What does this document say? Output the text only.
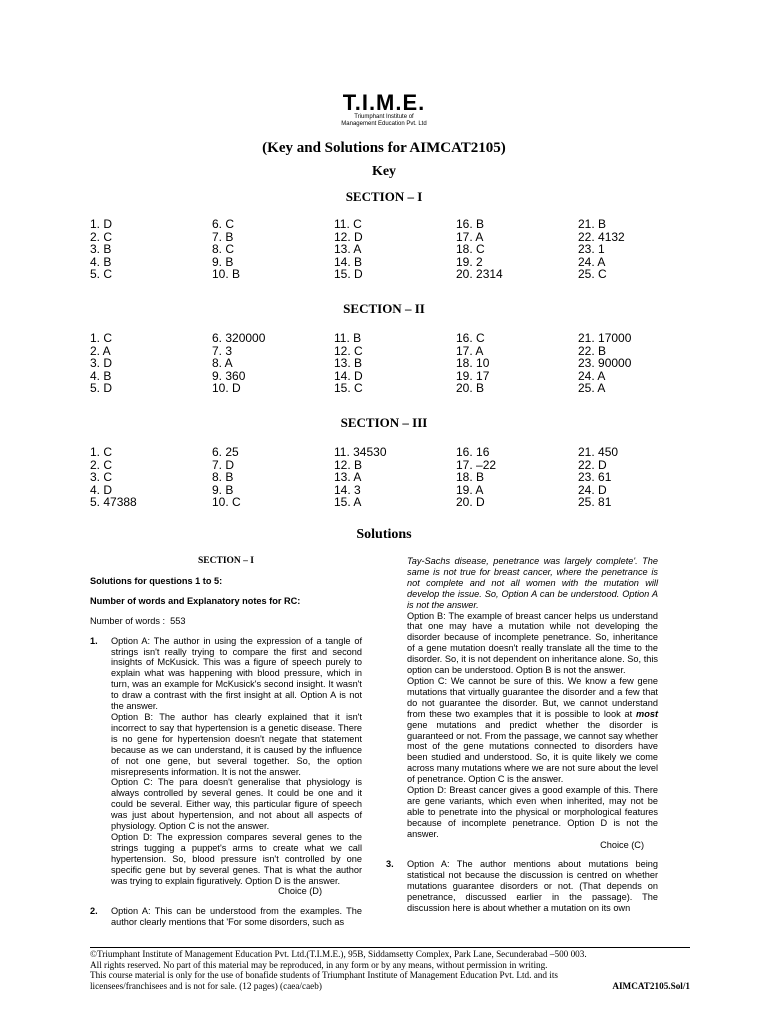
T.I.M.E.
Triumphant Institute of
Management Education Pvt. Ltd
(Key and Solutions for AIMCAT2105)
Key
SECTION – I
1. D
2. C
3. B
4. B
5. C
6. C
7. B
8. C
9. B
10. B
11. C
12. D
13. A
14. B
15. D
16. B
17. A
18. C
19. 2
20. 2314
21. B
22. 4132
23. 1
24. A
25. C
SECTION – II
1. C
2. A
3. D
4. B
5. D
6. 320000
7. 3
8. A
9. 360
10. D
11. B
12. C
13. B
14. D
15. C
16. C
17. A
18. 10
19. 17
20. B
21. 17000
22. B
23. 90000
24. A
25. A
SECTION – III
1. C
2. C
3. C
4. D
5. 47388
6. 25
7. D
8. B
9. B
10. C
11. 34530
12. B
13. A
14. 3
15. A
16. 16
17. –22
18. B
19. A
20. D
21. 450
22. D
23. 61
24. D
25. 81
Solutions

SECTION – I

Solutions for questions 1 to 5:

Number of words and Explanatory notes for RC:

Number of words :  553

1. Option A: The author in using the expression of a tangle of strings isn't really trying to compare the first and second insights of McKusick. This was a figure of speech purely to explain what was happening with blood pressure, which in turn, was an example for McKusick's second insight. It wasn't to draw a contrast with the first insight at all. Option A is not the answer.

Option B: The author has clearly explained that it isn't incorrect to say that hypertension is a genetic disease. There is no gene for hypertension doesn't negate that statement because as we can understand, it is caused by the influence of not one gene, but several together. So, the option misrepresents information. It is not the answer.

Option C: The para doesn't generalise that physiology is always controlled by several genes. It could be one and it could be several. Either way, this particular figure of speech was just about hypertension, and not about all aspects of physiology. Option C is not the answer.

Option D: The expression compares several genes to the strings tugging a puppet's arms to create what we call hypertension. So, blood pressure isn't controlled by one specific gene but by several genes. That is what the author was trying to explain figuratively. Option D is the answer.

Choice (D)

2. Option A: This can be understood from the examples. The author clearly mentions that 'For some disorders, such as

Tay-Sachs disease, penetrance was largely complete'. The same is not true for breast cancer, where the penetrance is not complete and not all women with the mutation will develop the issue. So, Option A can be understood. Option A is not the answer.

Option B: The example of breast cancer helps us understand that one may have a mutation while not developing the disorder because of incomplete penetrance. So, inheritance of a gene mutation doesn't really translate all the time to the disorder. So, it is not dependent on inheritance alone. So, this option can be understood. Option B is not the answer.

Option C: We cannot be sure of this. We know a few gene mutations that virtually guarantee the disorder and a few that do not guarantee the disorder. But, we cannot understand from these two examples that it is possible to look at most gene mutations and predict whether the disorder is guaranteed or not. From the passage, we cannot say whether most of the gene mutations connected to disorders have been studied and understood. So, it is quite likely we come across many mutations where we are not sure about the level of penetrance. Option C is the answer.

Option D: Breast cancer gives a good example of this. There are gene variants, which even when inherited, may not be able to penetrate into the physical or morphological features because of incomplete penetrance. Option D is not the answer.

Choice (C)

3. Option A: The author mentions about mutations being statistical not because the discussion is centred on whether mutations guarantee disorders or not. (That depends on penetrance, discussed earlier in the passage). The discussion here is about whether a mutation on its own

©Triumphant Institute of Management Education Pvt. Ltd.(T.I.M.E.), 95B, Siddamsetty Complex, Park Lane, Secunderabad –500 003.
All rights reserved. No part of this material may be reproduced, in any form or by any means, without permission in writing.
This course material is only for the use of bonafide students of Triumphant Institute of Management Education Pvt. Ltd. and its
licensees/franchisees and is not for sale. (12 pages) (caea/caeb)	AIMCAT2105.Sol/1
